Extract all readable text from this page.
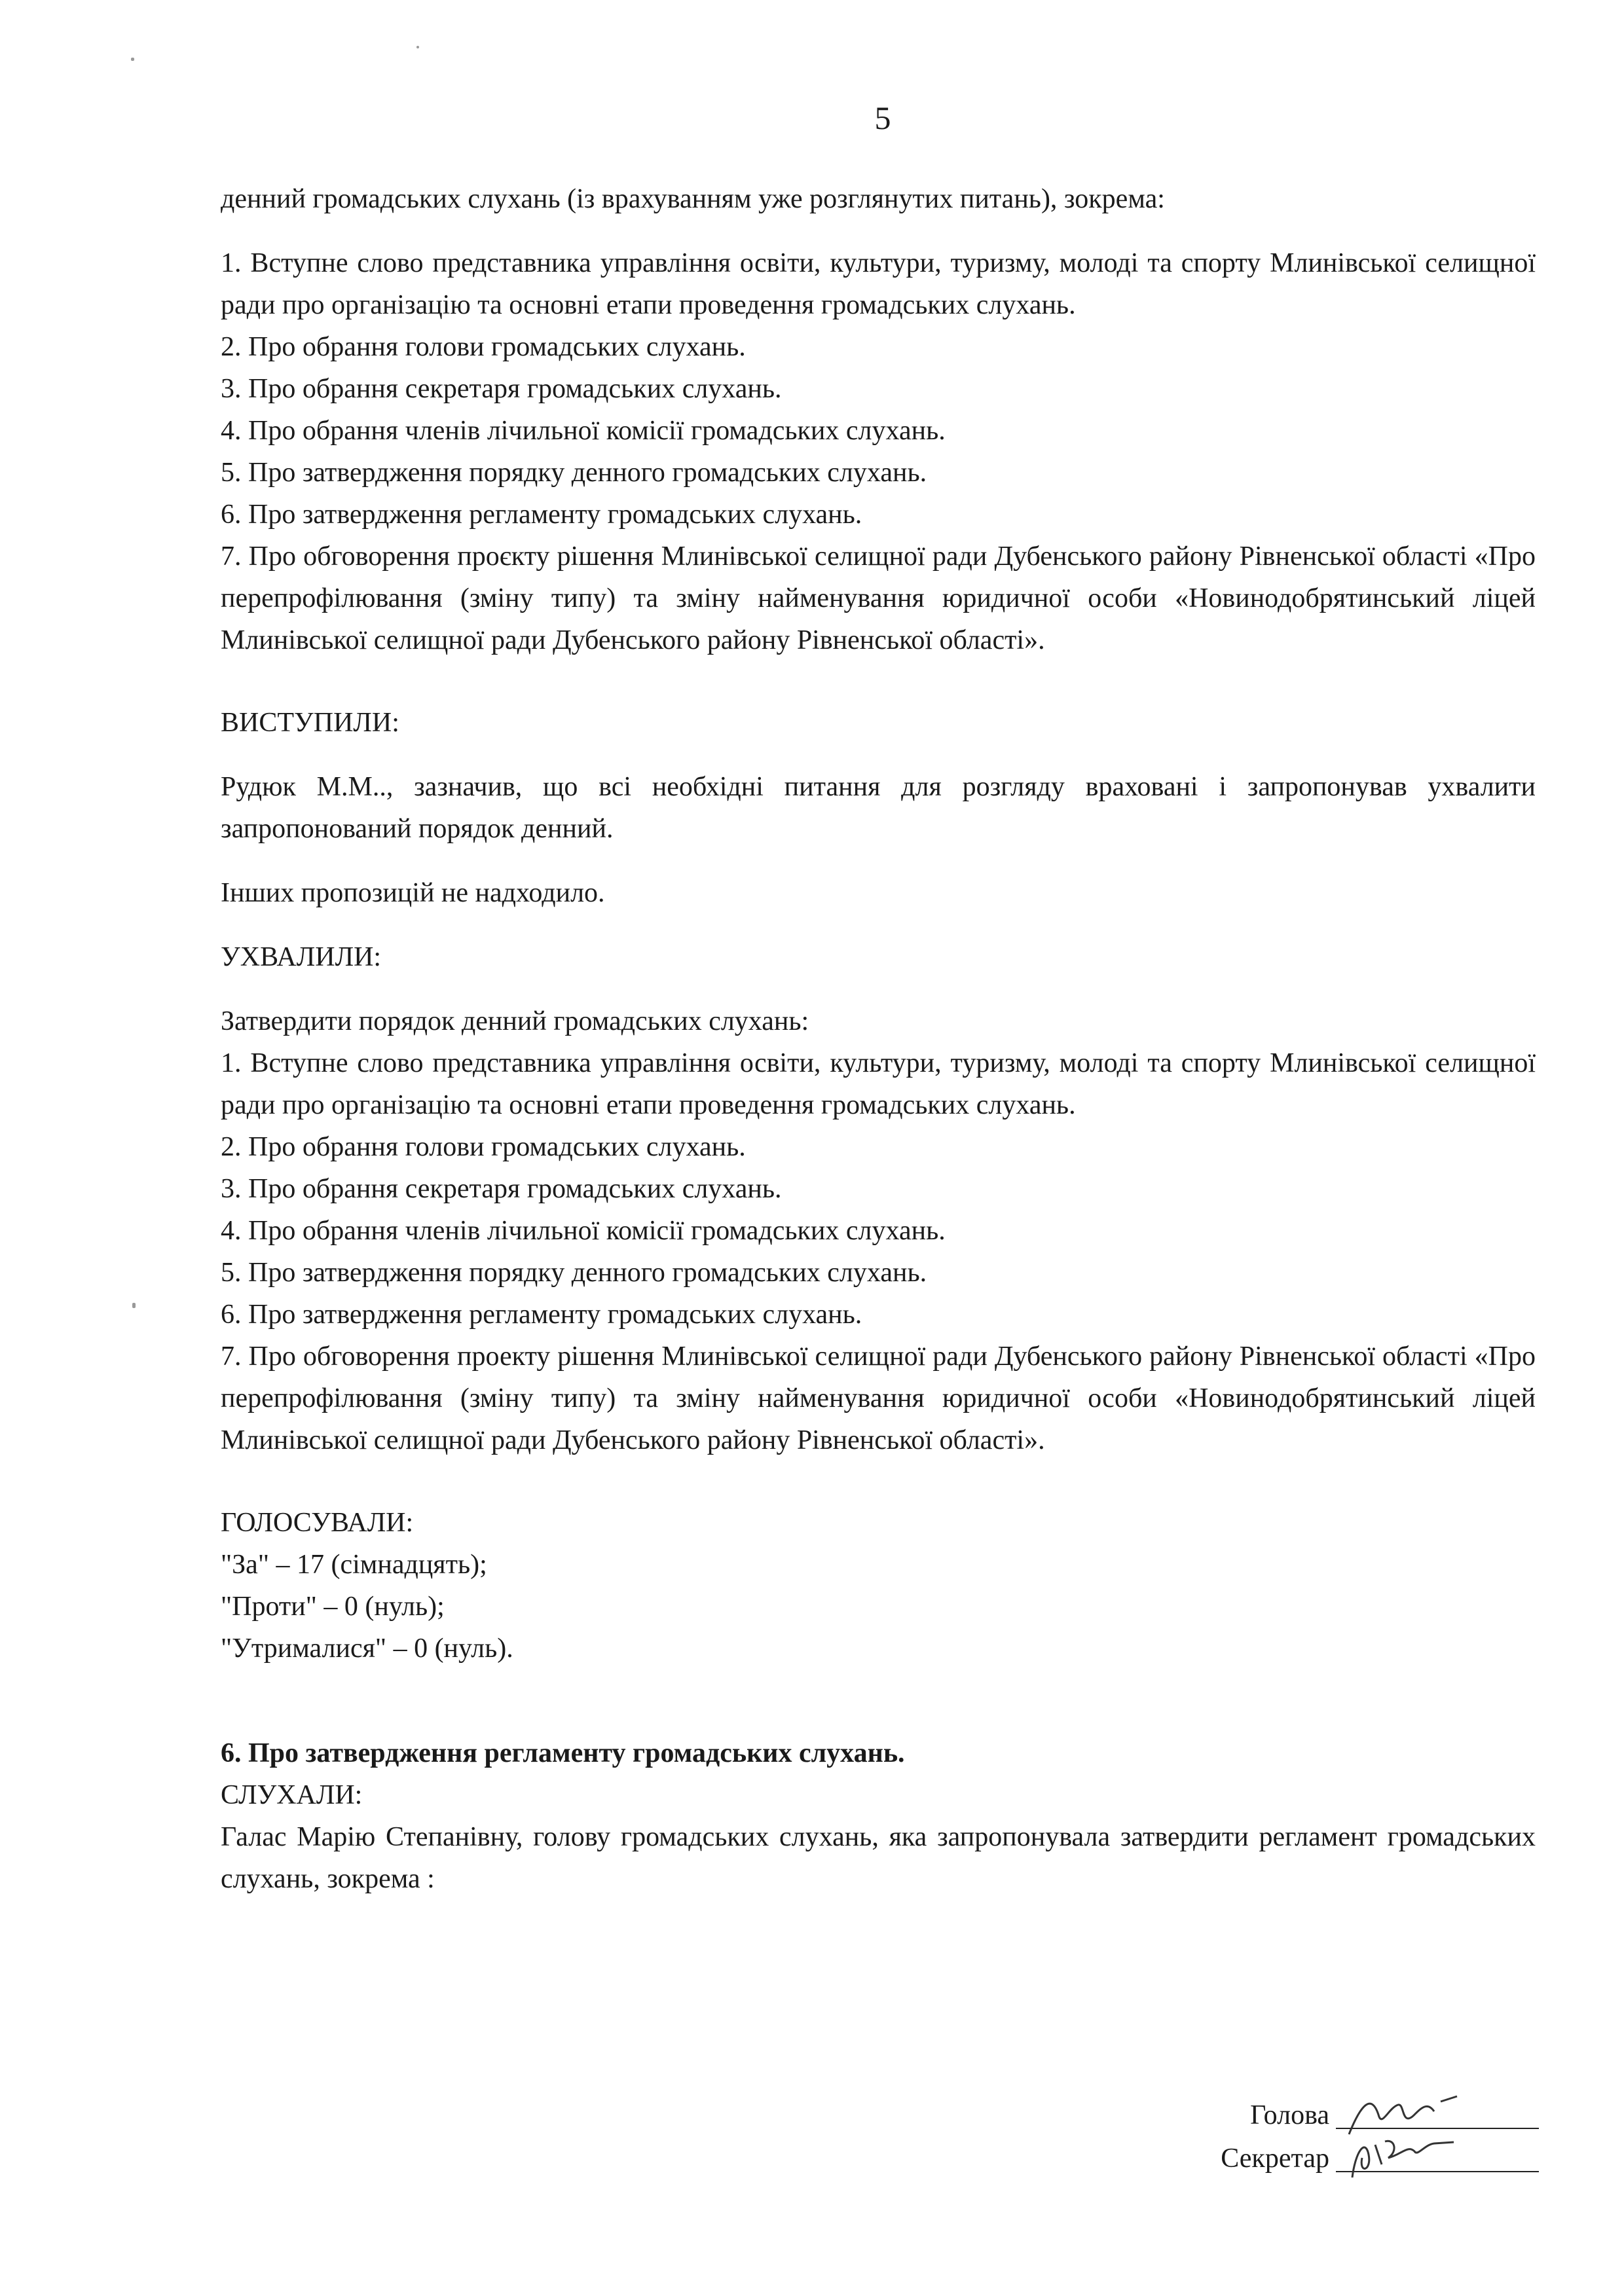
5

денний громадських слухань (із врахуванням уже розглянутих питань), зокрема:

1. Вступне слово представника управління освіти, культури, туризму, молоді та спорту Млинівської селищної ради про організацію та основні етапи проведення громадських слухань.

2. Про обрання голови громадських слухань.

3. Про обрання секретаря громадських слухань.

4. Про обрання членів лічильної комісії громадських слухань.

5. Про затвердження порядку денного громадських слухань.

6. Про затвердження регламенту громадських слухань.

7. Про обговорення проєкту рішення Млинівської селищної ради Дубенського району Рівненської області «Про перепрофілювання (зміну типу) та зміну найменування юридичної особи «Новинодобрятинський ліцей Млинівської селищної ради Дубенського району Рівненської області».

ВИСТУПИЛИ:

Рудюк М.М.., зазначив, що всі необхідні питання для розгляду враховані і запропонував ухвалити запропонований порядок денний.

Інших пропозицій не надходило.

УХВАЛИЛИ:

Затвердити порядок денний громадських слухань:

1. Вступне слово представника управління освіти, культури, туризму, молоді та спорту Млинівської селищної ради про організацію та основні етапи проведення громадських слухань.

2. Про обрання голови громадських слухань.

3. Про обрання секретаря громадських слухань.

4. Про обрання членів лічильної комісії громадських слухань.

5. Про затвердження порядку денного громадських слухань.

6. Про затвердження регламенту громадських слухань.

7. Про обговорення проекту рішення Млинівської селищної ради Дубенського району Рівненської області «Про перепрофілювання (зміну типу) та зміну найменування юридичної особи «Новинодобрятинський ліцей Млинівської селищної ради Дубенського району Рівненської області».

ГОЛОСУВАЛИ:

"За" – 17 (сімнадцять);

"Проти" – 0 (нуль);

"Утрималися" – 0 (нуль).

6. Про затвердження регламенту громадських слухань.

СЛУХАЛИ:

Галас Марію Степанівну, голову громадських слухань, яка запропонувала затвердити регламент громадських слухань, зокрема :

Голова
Секретар
